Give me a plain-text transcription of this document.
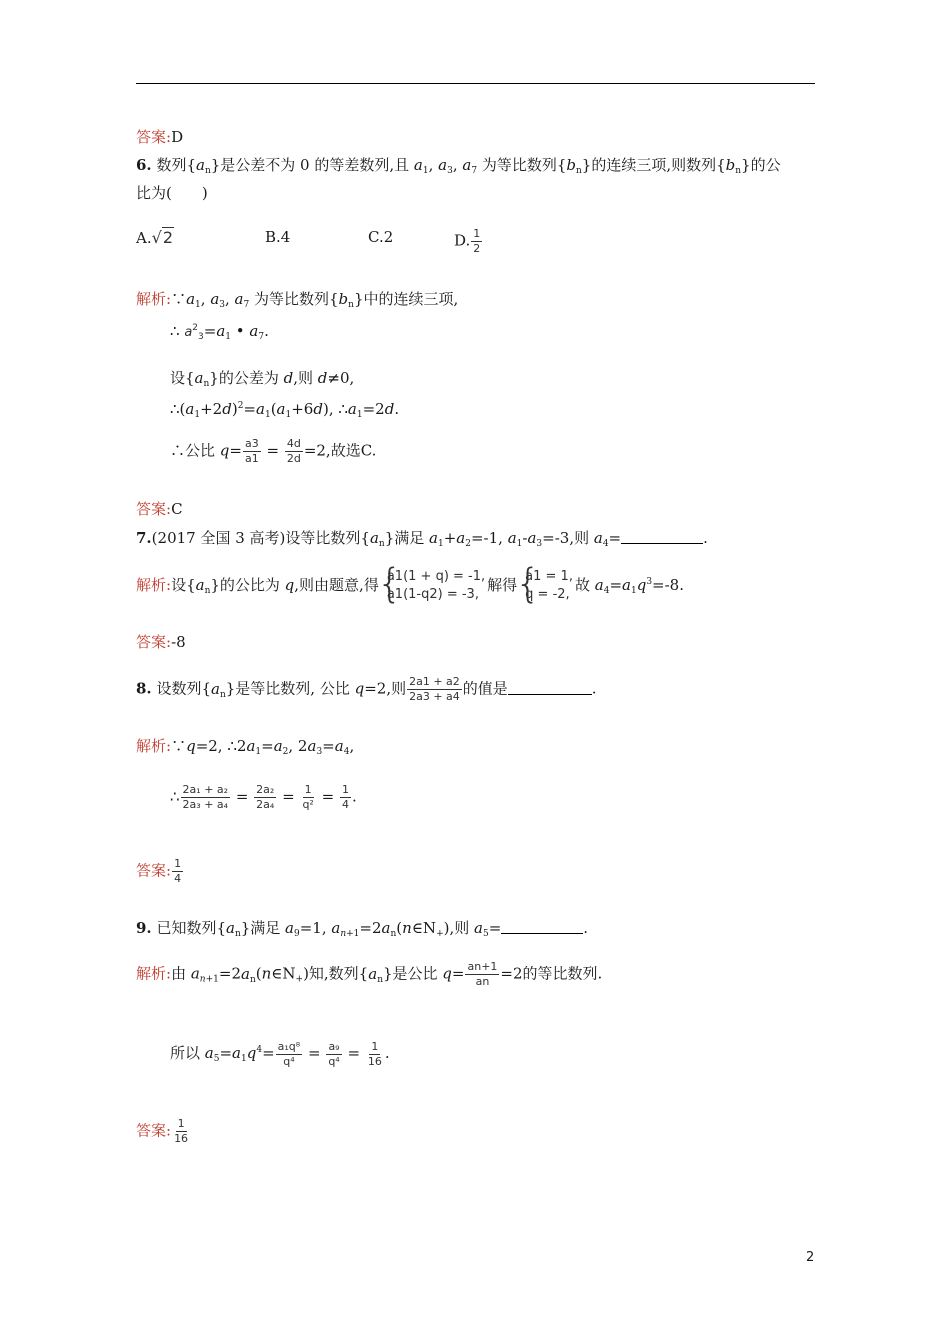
答案:D
6. 数列$\{a_n\}$是公差不为 0 的等差数列,且 $a_1$, $a_3$, $a_7$ 为等比数列$\{b_n\}$的连续三项,则数列$\{b_n\}$的公
比为(　　)
A.√2	B.4	C.2	D. $\frac{1}{2}$
解析$:\because a_1$, $a_3$, $a_7$ 为等比数列$\{b_n\}$中的连续三项,
∴ $a^2_3=a_1$ • $a_7$.
设$\{a_n\}$的公差为 d,则 d≠0,
$\therefore(a_1+2d)^2=a_1(a_1+6d)$, $\therefore a_1=2d$.
∴公比 $q= \frac{a3}{a1} = \frac{4d}{2d} =2$,故选C.
答案:C
7.(2017 全国 3 高考)设等比数列$\{a_n\}$满足 $a_1+a_2=-1$, $a_1-a_3=-3$,则 $a_4=$	.
解析:设$\{a_n\}$的公比为 q,则由题意,得 { a1(1 + q) = -1,
a1(1-q2) = -3,
解得 { a1 = 1,
q = -2,
故 $a_4=a_1q^3=-8$.
答案:-8
8. 设数列$\{a_n\}$是等比数列, 公比 q=2,则 $\frac{2a1 + a2}{2a3 + a4}$ 的值是	.
解析:∵q=2, $\therefore 2a_1=a_2$, $2a_3=a_4$,
∴ $\frac{\text{2a₁ + a₂}}{\text{2a₃ + a₄}} = \frac{\text{2a₂}}{\text{2a₄}} = \frac{1}{\text{q²}} = \frac{1}{4}$ .
答案: $\frac{1}{4}$
9. 已知数列$\{a_n\}$满足 $a_9=1$, $a_{n+1}=2a_n(n\in N_+)$,则 $a_5=$	.
解析:由 $a_{n+1}=2a_n(n\in N_+)$知,数列$\{a_n\}$是公比 $q= \frac{an+1}{an} =2$的等比数列.
所以 $a_5=a_1q^4= \frac{\text{a₁q⁸}}{\text{q⁴}} = \frac{\text{a₉}}{\text{q⁴}} = \frac{1}{16}$ .
答案: $\frac{1}{16}$
2
